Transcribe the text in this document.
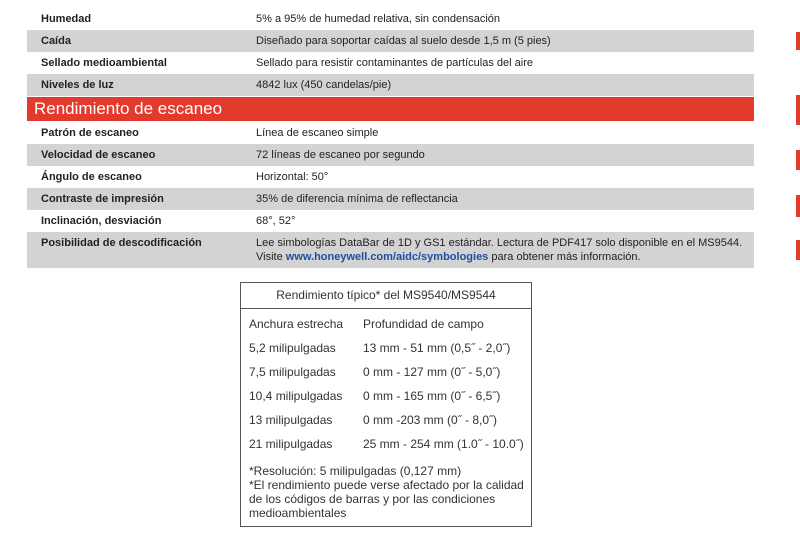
Humedad	5% a 95% de humedad relativa, sin condensación
Caída	Diseñado para soportar caídas al suelo desde 1,5 m (5 pies)
Sellado medioambiental	Sellado para resistir contaminantes de partículas del aire
Niveles de luz	4842 lux (450 candelas/pie)
Rendimiento de escaneo
Patrón de escaneo	Línea de escaneo simple
Velocidad de escaneo	72 líneas de escaneo por segundo
Ángulo de escaneo	Horizontal: 50°
Contraste de impresión	35% de diferencia mínima de reflectancia
Inclinación, desviación	68°, 52°
Posibilidad de descodificación	Lee simbologías DataBar de 1D y GS1 estándar. Lectura de PDF417 solo disponible en el MS9544.
Visite www.honeywell.com/aidc/symbologies para obtener más información.
Rendimiento típico* del MS9540/MS9544
Anchura estrecha	Profundidad de campo
5,2 milipulgadas	13 mm - 51 mm (0,5˝ - 2,0˝)
7,5 milipulgadas	0 mm - 127 mm (0˝ - 5,0˝)
10,4 milipulgadas	0 mm - 165 mm (0˝ - 6,5˝)
13 milipulgadas	0 mm -203 mm (0˝ - 8,0˝)
21 milipulgadas	25 mm - 254 mm (1.0˝ - 10.0˝)
*Resolución: 5 milipulgadas (0,127 mm)
*El rendimiento puede verse afectado por la calidad de los códigos de barras y por las condiciones medioambientales
